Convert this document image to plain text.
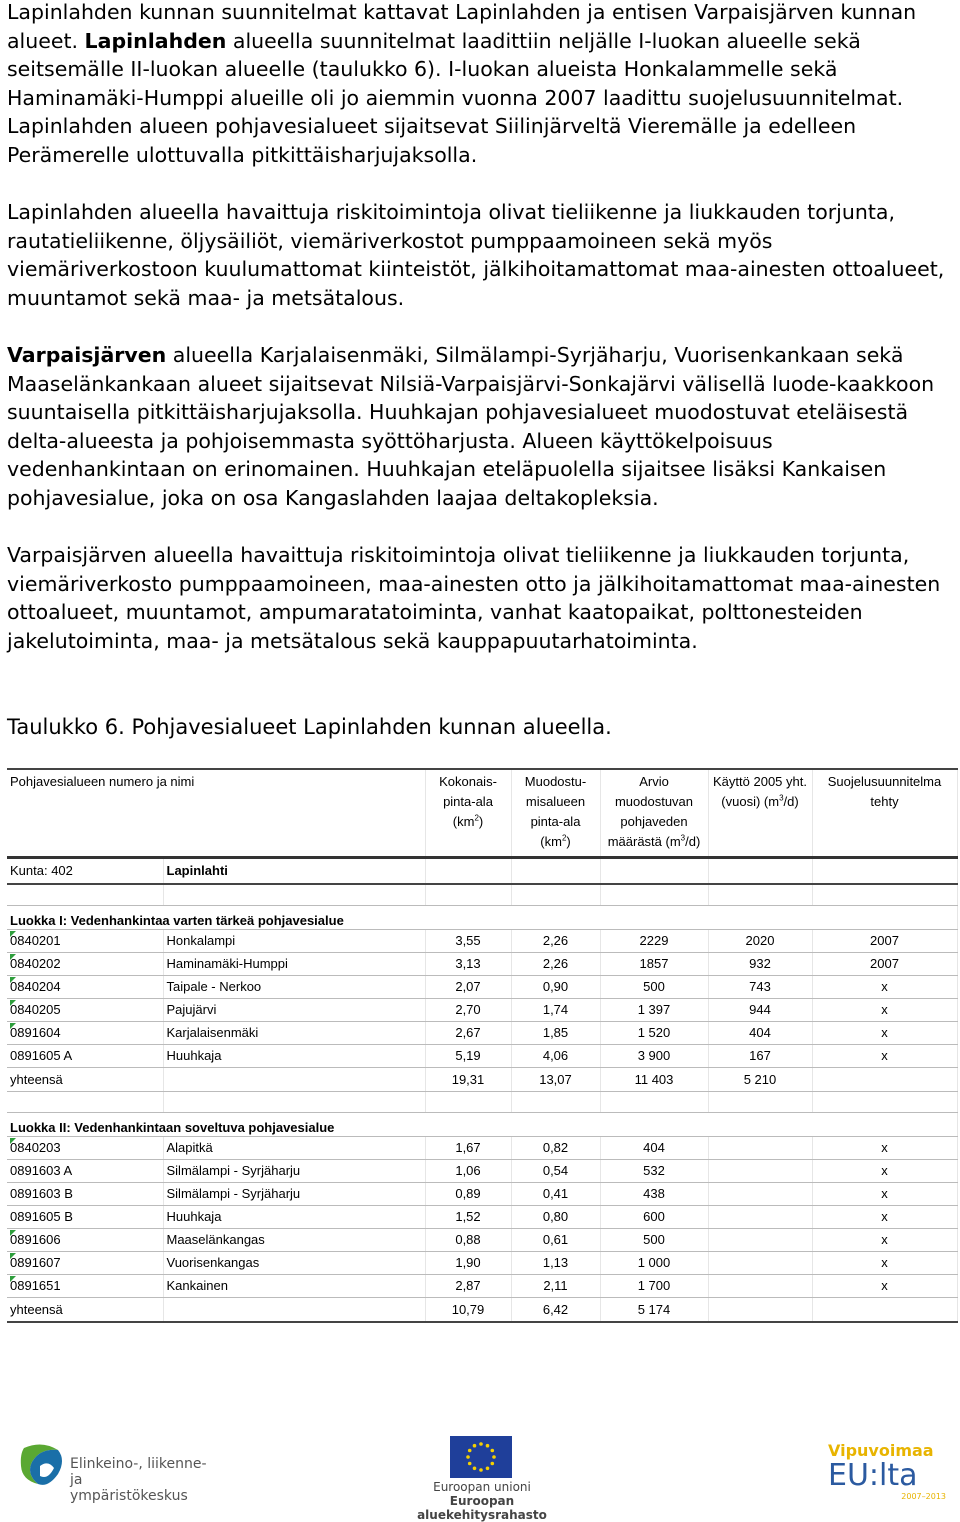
Lapinlahden kunnan suunnitelmat kattavat Lapinlahden ja entisen Varpaisjärven kunnan alueet. Lapinlahden alueella suunnitelmat laadittiin neljälle I-luokan alueelle sekä seitsemälle II-luokan alueelle (taulukko 6). I-luokan alueista Honkalammelle sekä Haminamäki-Humppi alueille oli jo aiemmin vuonna 2007 laadittu suojelusuunnitelmat. Lapinlahden alueen pohjavesialueet sijaitsevat Siilinjärveltä Vieremälle ja edelleen Perämerelle ulottuvalla pitkittäisharjujaksolla.

Lapinlahden alueella havaittuja riskitoimintoja olivat tieliikenne ja liukkauden torjunta, rautatieliikenne, öljysäiliöt, viemäriverkostot pumppaamoineen sekä myös viemäriverkostoon kuulumattomat kiinteistöt, jälkihoitamattomat maa-ainesten ottoalueet, muuntamot sekä maa- ja metsätalous.

Varpaisjärven alueella Karjalaisenmäki, Silmälampi-Syrjäharju, Vuorisenkankaan sekä Maaselänkankaan alueet sijaitsevat Nilsiä-Varpaisjärvi-Sonkajärvi välisellä luode-kaakkoon suuntaisella pitkittäisharjujaksolla. Huuhkajan pohjavesialueet muodostuvat eteläisestä delta-alueesta ja pohjoisemmasta syöttöharjusta. Alueen käyttökelpoisuus vedenhankintaan on erinomainen. Huuhkajan eteläpuolella sijaitsee lisäksi Kankaisen pohjavesialue, joka on osa Kangaslahden laajaa deltakopleksia.

Varpaisjärven alueella havaittuja riskitoimintoja olivat tieliikenne ja liukkauden torjunta, viemäriverkosto pumppaamoineen, maa-ainesten otto ja jälkihoitamattomat maa-ainesten ottoalueet, muuntamot, ampumaratatoiminta, vanhat kaatopaikat, polttonesteiden jakelutoiminta, maa- ja metsätalous sekä kauppapuutarhatoiminta.

Taulukko 6. Pohjavesialueet Lapinlahden kunnan alueella.
Pohjavesialueen numero ja nimi		Kokonais-pinta-ala $(km^2)$	Muodostu-misalueen pinta-ala $(km^2)$	Arvio muodostuvan pohjaveden määrästä $(m^3/d)$	Käyttö 2005 yht. (vuosi) $(m^3/d)$	Suojelusuunnitelma tehty
Kunta: 402	Lapinlahti					

Luokka I: Vedenhankintaa varten tärkeä pohjavesialue						
0840201	Honkalampi	3,55	2,26	2229	2020	2007
0840202	Haminamäki-Humppi	3,13	2,26	1857	932	2007
0840204	Taipale - Nerkoo	2,07	0,90	500	743	x
0840205	Pajujärvi	2,70	1,74	1 397	944	x
0891604	Karjalaisenmäki	2,67	1,85	1 520	404	x
0891605 A	Huuhkaja	5,19	4,06	3 900	167	x
yhteensä		19,31	13,07	11 403	5 210	

Luokka II: Vedenhankintaan soveltuva pohjavesialue						
0840203	Alapitkä	1,67	0,82	404		x
0891603 A	Silmälampi - Syrjäharju	1,06	0,54	532		x
0891603 B	Silmälampi - Syrjäharju	0,89	0,41	438		x
0891605 B	Huuhkaja	1,52	0,80	600		x
0891606	Maaselänkangas	0,88	0,61	500		x
0891607	Vuorisenkangas	1,90	1,13	1 000		x
0891651	Kankainen	2,87	2,11	1 700		x
yhteensä		10,79	6,42	5 174		
Elinkeino-, liikenne- ja
ympäristökeskus
Euroopan unioni
Euroopan aluekehitysrahasto
Vipuvoimaa
EU:lta
2007–2013
